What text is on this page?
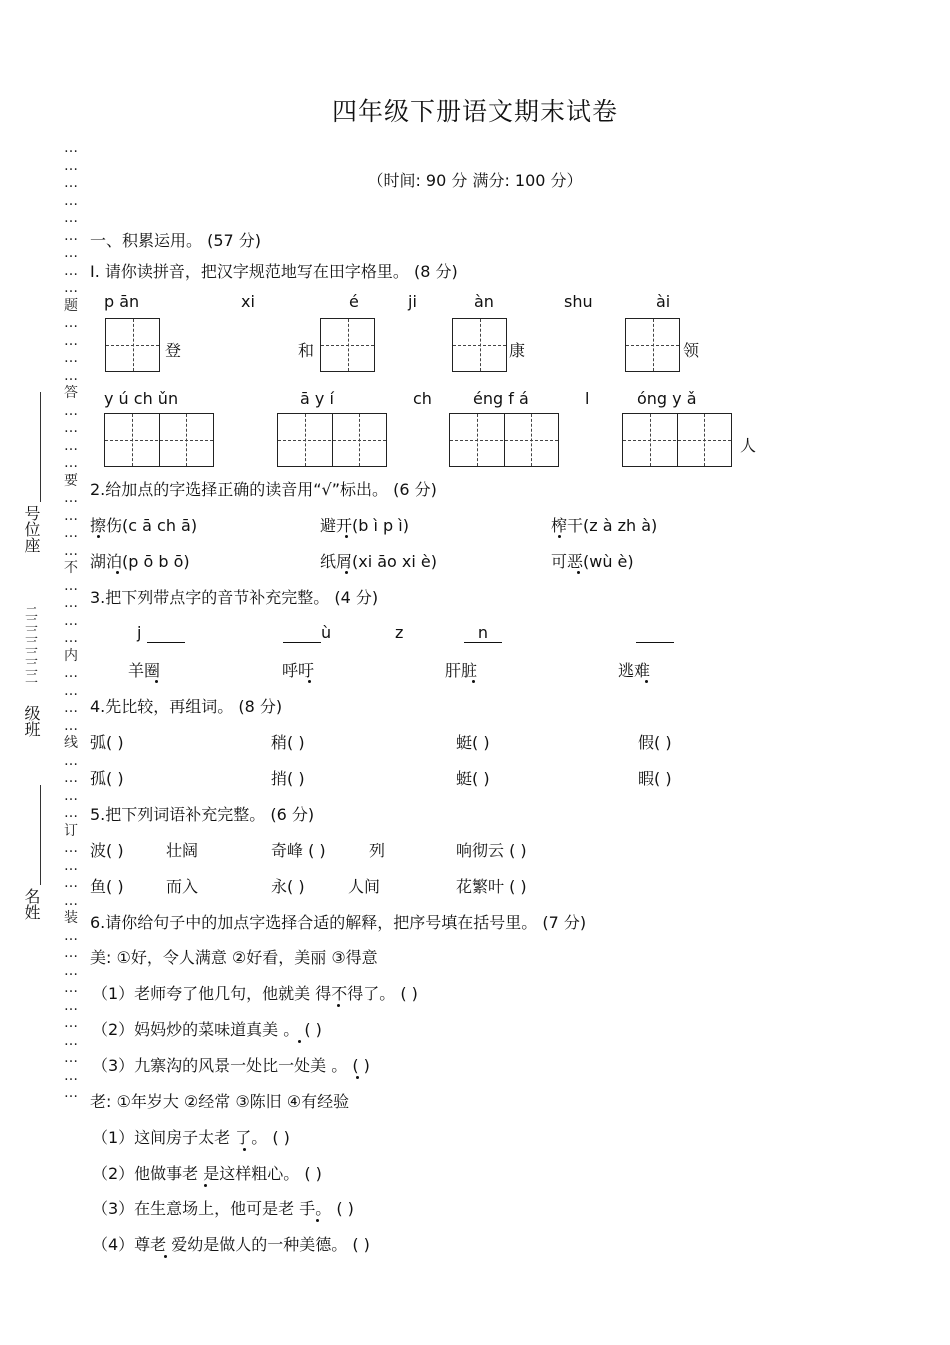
四年级下册语文期末试卷
（时间: 90 分 满分: 100 分）
…
…
…
…
…
…
…
…
…
题
…
…
…
…
答
…
…
…
…
要
…
…
…
…
不
…
…
…
…
内
…
…
…
…
线
…
…
…
…
订
…
…
…
…
装
…
…
…
…
…
…
…
…
…
…
号位座
二二二二二二二
级班
名姓
一、积累运用。 (57 分)
I. 请你读拼音，把汉字规范地写在田字格里。 (8 分)
p ān	xi	é	ji	àn	shu	ài
登	和	康	领
y ú ch ǔn	ā y í	ch	éng f á	l	óng y ǎ
人
2.给加点的字选择正确的读音用“√”标出。 (6 分)
擦伤(c ā ch ā)	避开(b ì p ì)	榨干(z à zh à)
湖泊(p ō b ō)	纸屑(xi āo xi è)	可恶(wù è)
3.把下列带点字的音节补充完整。 (4 分)
j	ù	z	n

羊圈	呼吁	肝脏	逃难
4.先比较，再组词。 (8 分)
弧( )	稍( )	蜓( )	假( )
孤( )	捎( )	蜓( )	暇( )
5.把下列词语补充完整。 (6 分)
波( )	壮阔	奇峰 ( )	列	响彻云 ( )
鱼( )	而入	永( )	人间	花繁叶 ( )
6.请你给句子中的加点字选择合适的解释，把序号填在括号里。 (7 分)
美: ①好，令人满意 ②好看，美丽 ③得意
（1）老师夸了他几句，他就美 得不得了。 ( )
（2）妈妈炒的菜味道真美 。 ( )
（3）九寨沟的风景一处比一处美 。 ( )
老: ①年岁大 ②经常 ③陈旧 ④有经验
（1）这间房子太老 了。 ( )
（2）他做事老 是这样粗心。 ( )
（3）在生意场上，他可是老 手。 ( )
（4）尊老 爱幼是做人的一种美德。 ( )
